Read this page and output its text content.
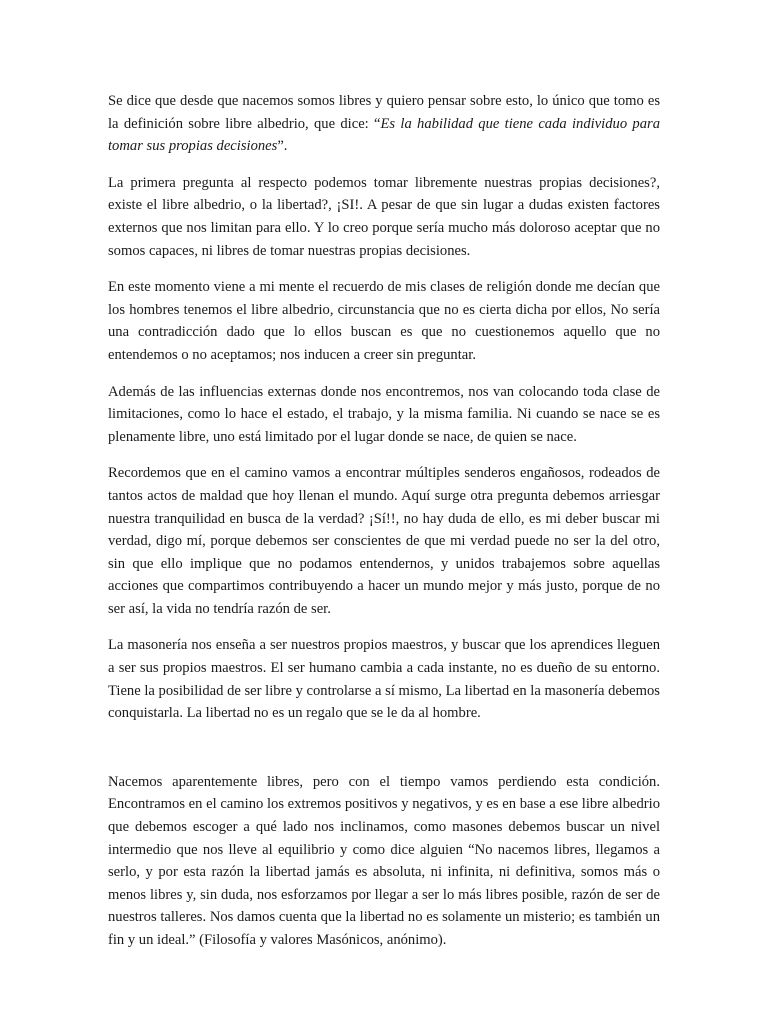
Se dice que desde que nacemos somos libres y quiero pensar sobre esto, lo único que tomo es la definición sobre libre albedrio, que dice: “Es la habilidad que tiene cada individuo para tomar sus propias decisiones”.

La primera pregunta al respecto podemos tomar libremente nuestras propias decisiones?, existe el libre albedrio, o la libertad?, ¡SI!. A pesar de que sin lugar a dudas existen factores externos que nos limitan para ello. Y lo creo porque sería mucho más doloroso aceptar que no somos capaces, ni libres de tomar nuestras propias decisiones.

En este momento viene a mi mente el recuerdo de mis clases de religión donde me decían que los hombres tenemos el libre albedrio, circunstancia que no es cierta dicha por ellos, No sería una contradicción dado que lo ellos buscan es que no cuestionemos aquello que no entendemos o no aceptamos; nos inducen a creer sin preguntar.

Además de las influencias externas donde nos encontremos, nos van colocando toda clase de limitaciones, como lo hace el estado, el trabajo, y la misma familia. Ni cuando se nace se es plenamente libre, uno está limitado por el lugar donde se nace, de quien se nace.

Recordemos que en el camino vamos a encontrar múltiples senderos engañosos, rodeados de tantos actos de maldad que hoy llenan el mundo. Aquí surge otra pregunta debemos arriesgar nuestra tranquilidad en busca de la verdad? ¡Sí!!, no hay duda de ello, es mi deber buscar mi verdad, digo mí, porque debemos ser conscientes de que mi verdad puede no ser la del otro, sin que ello implique que no podamos entendernos, y unidos trabajemos sobre aquellas acciones que compartimos contribuyendo a hacer un mundo mejor y más justo, porque de no ser así, la vida no tendría razón de ser.

La masonería nos enseña a ser nuestros propios maestros, y buscar que los aprendices lleguen a ser sus propios maestros. El ser humano cambia a cada instante, no es dueño de su entorno. Tiene la posibilidad de ser libre y controlarse a sí mismo, La libertad en la masonería debemos conquistarla. La libertad no es un regalo que se le da al hombre.

Nacemos aparentemente libres, pero con el tiempo vamos perdiendo esta condición. Encontramos en el camino los extremos positivos y negativos, y es en base a ese libre albedrio que debemos escoger a qué lado nos inclinamos, como masones debemos buscar un nivel intermedio que nos lleve al equilibrio y como dice alguien “No nacemos libres, llegamos a serlo, y por esta razón la libertad jamás es absoluta, ni infinita, ni definitiva, somos más o menos libres y, sin duda, nos esforzamos por llegar a ser lo más libres posible, razón de ser de nuestros talleres. Nos damos cuenta que la libertad no es solamente un misterio; es también un fin y un ideal.” (Filosofía y valores Masónicos, anónimo).
